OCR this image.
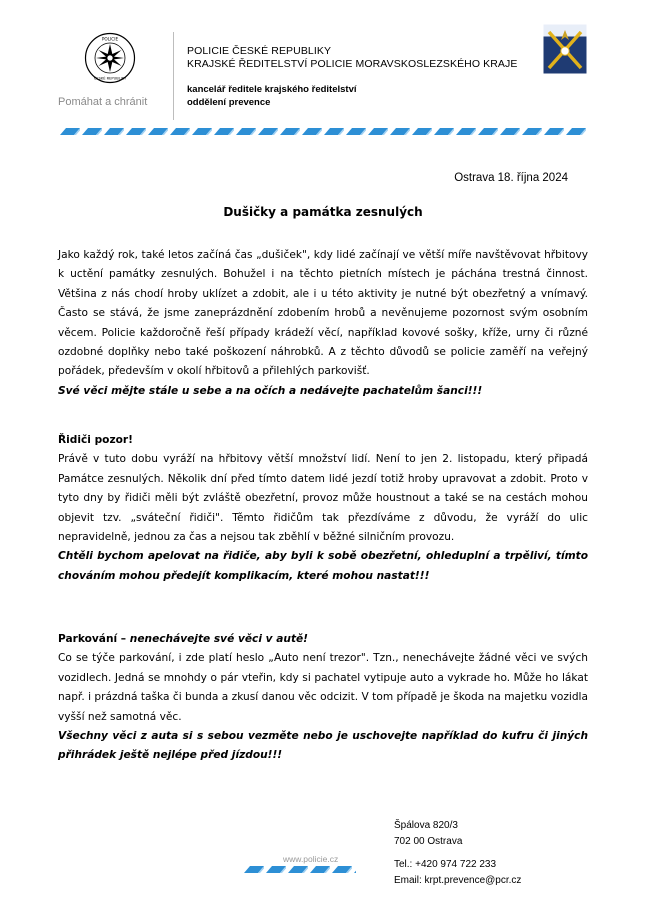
POLICIE
ČESKÉ REPUBLIKY
Pomáhat a chránit
POLICIE ČESKÉ REPUBLIKY
KRAJSKÉ ŘEDITELSTVÍ POLICIE MORAVSKOSLEZSKÉHO KRAJE
kancelář ředitele krajského ředitelství
oddělení prevence
Ostrava 18. října 2024
Dušičky a památka zesnulých

Jako každý rok, také letos začíná čas „dušiček", kdy lidé začínají ve větší míře navštěvovat hřbitovy k uctění památky zesnulých. Bohužel i na těchto pietních místech je páchána trestná činnost. Většina z nás chodí hroby uklízet a zdobit, ale i u této aktivity je nutné být obezřetný a vnímavý. Často se stává, že jsme zaneprázdnění zdobením hrobů a nevěnujeme pozornost svým osobním věcem. Policie každoročně řeší případy krádeží věcí, například kovové sošky, kříže, urny či různé ozdobné doplňky nebo také poškození náhrobků. A z těchto důvodů se policie zaměří na veřejný pořádek, především v okolí hřbitovů a přilehlých parkovišť.

Své věci mějte stále u sebe a na očích a nedávejte pachatelům šanci!!!

Řidiči pozor!

Právě v tuto dobu vyráží na hřbitovy větší množství lidí. Není to jen 2. listopadu, který připadá Památce zesnulých. Několik dní před tímto datem lidé jezdí totiž hroby upravovat a zdobit. Proto v tyto dny by řidiči měli být zvláště obezřetní, provoz může houstnout a také se na cestách mohou objevit tzv. „sváteční řidiči". Těmto řidičům tak přezdíváme z důvodu, že vyráží do ulic nepravidelně, jednou za čas a nejsou tak zběhlí v běžné silničním provozu.

Chtěli bychom apelovat na řidiče, aby byli k sobě obezřetní, ohleduplní a trpěliví, tímto chováním mohou předejít komplikacím, které mohou nastat!!!

Parkování – nenechávejte své věci v autě!

Co se týče parkování, i zde platí heslo „Auto není trezor". Tzn., nenechávejte žádné věci ve svých vozidlech. Jedná se mnohdy o pár vteřin, kdy si pachatel vytipuje auto a vykrade ho. Může ho lákat např. i prázdná taška či bunda a zkusí danou věc odcizit. V tom případě je škoda na majetku vozidla vyšší než samotná věc.

Všechny věci z auta si s sebou vezměte nebo je uschovejte například do kufru či jiných přihrádek ještě nejlépe před jízdou!!!

www.policie.cz
Špálova 820/3
702 00 Ostrava
Tel.: +420 974 722 233
Email: krpt.prevence@pcr.cz
